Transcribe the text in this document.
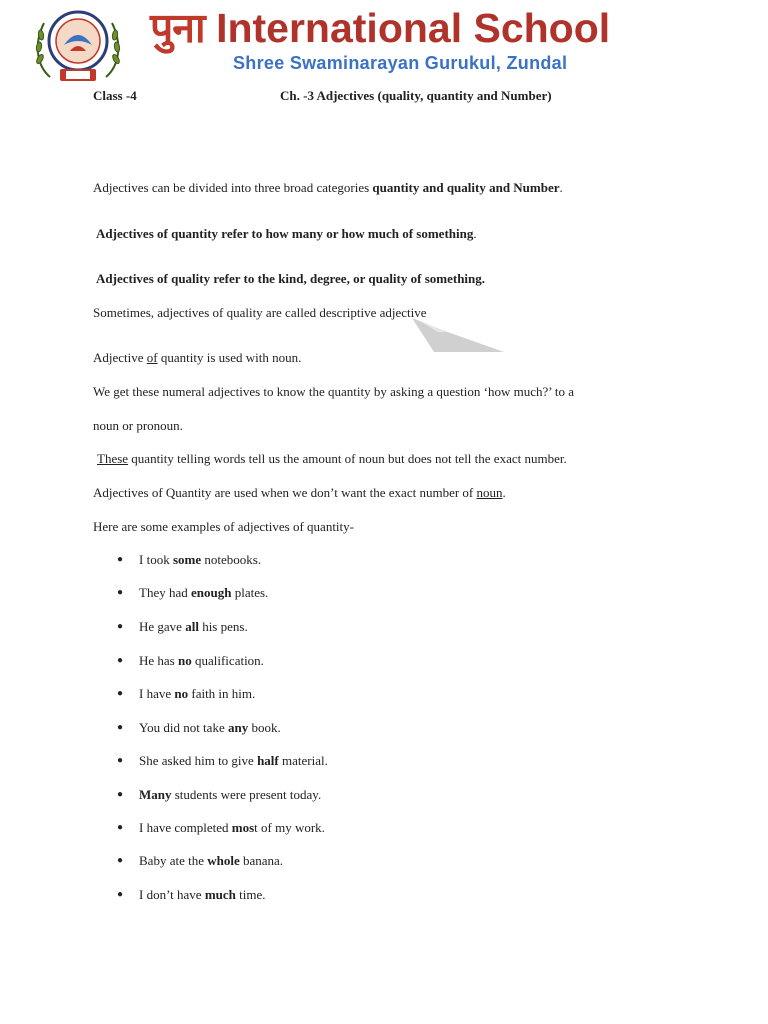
पुना International School
Shree Swaminarayan Gurukul, Zundal
Class -4	Ch. -3 Adjectives (quality, quantity and Number)
Adjectives can be divided into three broad categories quantity and quality and Number.
Adjectives of quantity refer to how many or how much of something.
Adjectives of quality refer to the kind, degree, or quality of something.
Sometimes, adjectives of quality are called descriptive adjective
Adjective of quantity is used with noun.
We get these numeral adjectives to know the quantity by asking a question ‘how much?’ to a
noun or pronoun.
These quantity telling words tell us the amount of noun but does not tell the exact number.
Adjectives of Quantity are used when we don’t want the exact number of noun.
Here are some examples of adjectives of quantity-
● I took some notebooks.
● They had enough plates.
● He gave all his pens.
● He has no qualification.
● I have no faith in him.
● You did not take any book.
● She asked him to give half material.
● Many students were present today.
● I have completed most of my work.
● Baby ate the whole banana.
● I don’t have much time.
